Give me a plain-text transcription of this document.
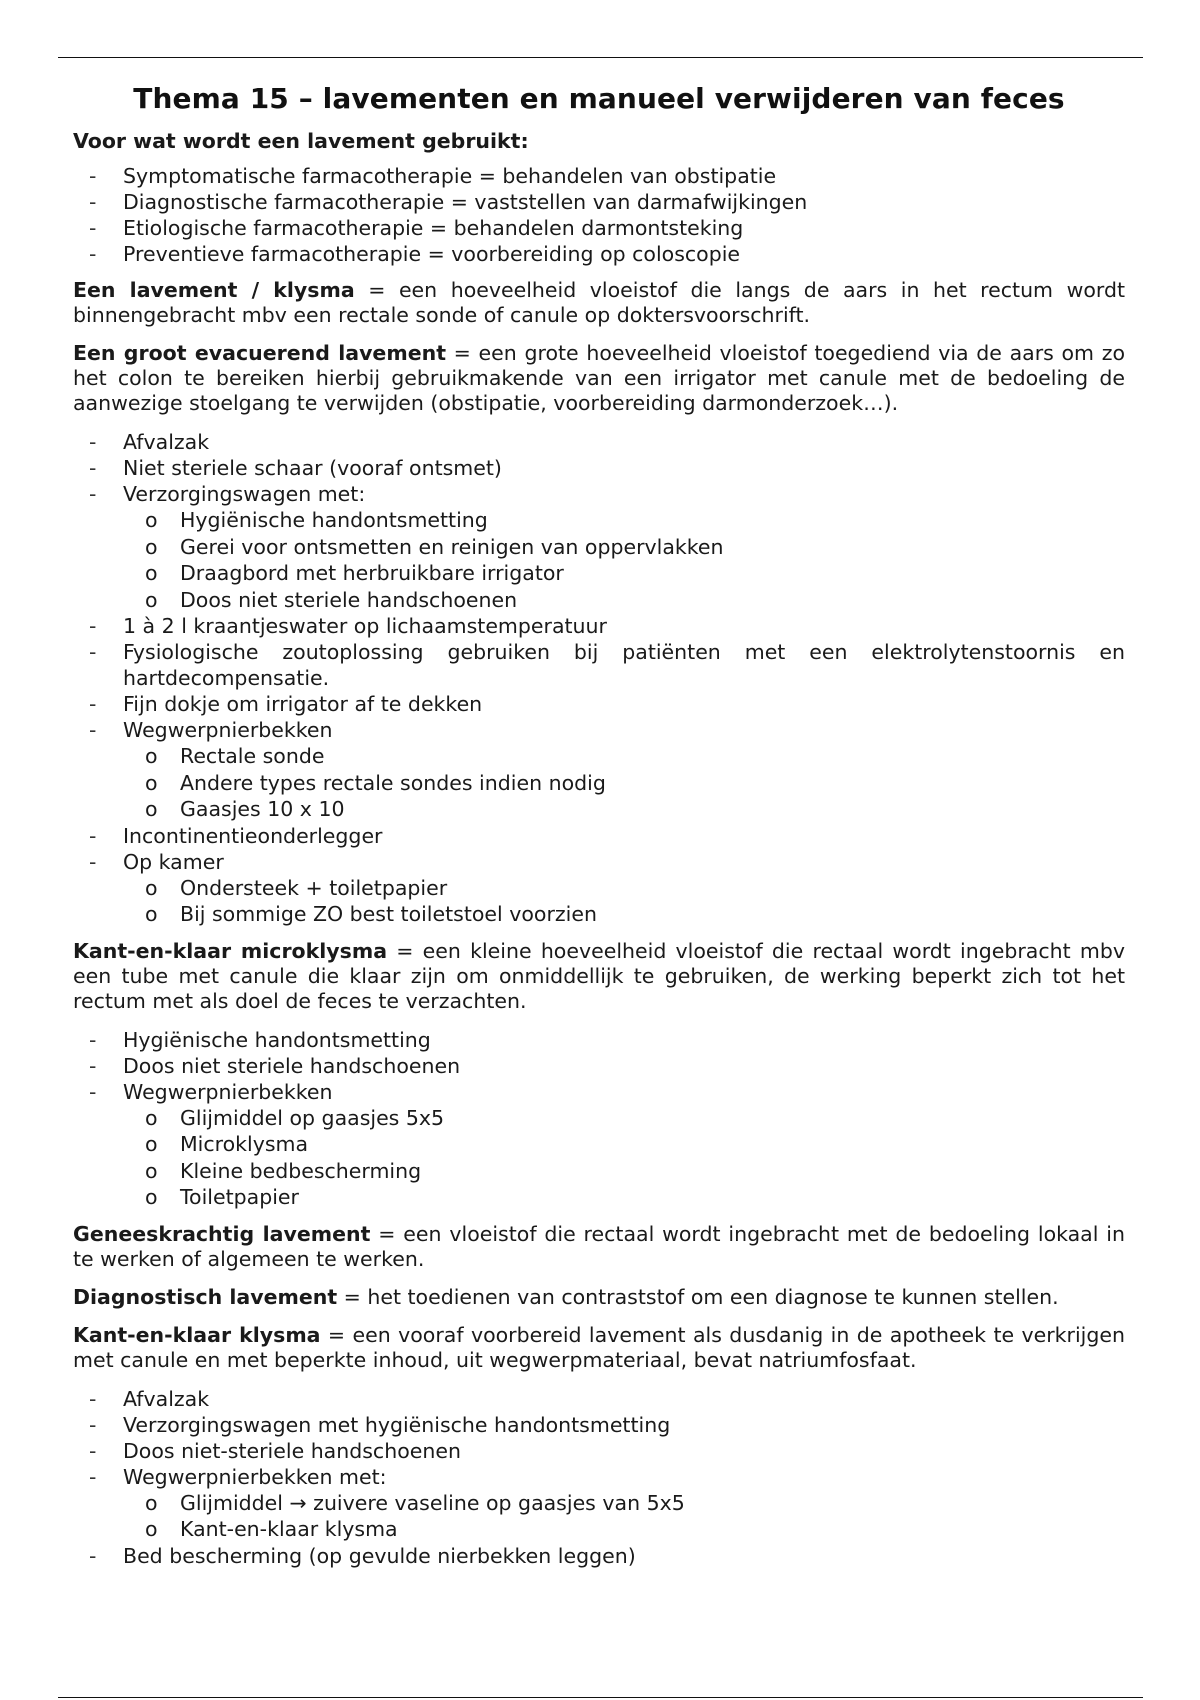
Thema 15 – lavementen en manueel verwijderen van feces
Voor wat wordt een lavement gebruikt:
- Symptomatische farmacotherapie = behandelen van obstipatie
- Diagnostische farmacotherapie = vaststellen van darmafwijkingen
- Etiologische farmacotherapie = behandelen darmontsteking
- Preventieve farmacotherapie = voorbereiding op coloscopie

Een lavement / klysma = een hoeveelheid vloeistof die langs de aars in het rectum wordt binnengebracht mbv een rectale sonde of canule op doktersvoorschrift.

Een groot evacuerend lavement = een grote hoeveelheid vloeistof toegediend via de aars om zo het colon te bereiken hierbij gebruikmakende van een irrigator met canule met de bedoeling de aanwezige stoelgang te verwijden (obstipatie, voorbereiding darmonderzoek…).

- Afvalzak
- Niet steriele schaar (vooraf ontsmet)
- Verzorgingswagen met:
o Hygiënische handontsmetting
o Gerei voor ontsmetten en reinigen van oppervlakken
o Draagbord met herbruikbare irrigator
o Doos niet steriele handschoenen
- 1 à 2 l kraantjeswater op lichaamstemperatuur
- Fysiologische zoutoplossing gebruiken bij patiënten met een elektrolytenstoornis en hartdecompensatie.
- Fijn dokje om irrigator af te dekken
- Wegwerpnierbekken
o Rectale sonde
o Andere types rectale sondes indien nodig
o Gaasjes 10 x 10
- Incontinentieonderlegger
- Op kamer
o Ondersteek + toiletpapier
o Bij sommige ZO best toiletstoel voorzien

Kant-en-klaar microklysma = een kleine hoeveelheid vloeistof die rectaal wordt ingebracht mbv een tube met canule die klaar zijn om onmiddellijk te gebruiken, de werking beperkt zich tot het rectum met als doel de feces te verzachten.

- Hygiënische handontsmetting
- Doos niet steriele handschoenen
- Wegwerpnierbekken
o Glijmiddel op gaasjes 5x5
o Microklysma
o Kleine bedbescherming
o Toiletpapier

Geneeskrachtig lavement = een vloeistof die rectaal wordt ingebracht met de bedoeling lokaal in te werken of algemeen te werken.

Diagnostisch lavement = het toedienen van contraststof om een diagnose te kunnen stellen.

Kant-en-klaar klysma = een vooraf voorbereid lavement als dusdanig in de apotheek te verkrijgen met canule en met beperkte inhoud, uit wegwerpmateriaal, bevat natriumfosfaat.

- Afvalzak
- Verzorgingswagen met hygiënische handontsmetting
- Doos niet-steriele handschoenen
- Wegwerpnierbekken met:
o Glijmiddel → zuivere vaseline op gaasjes van 5x5
o Kant-en-klaar klysma
- Bed bescherming (op gevulde nierbekken leggen)
